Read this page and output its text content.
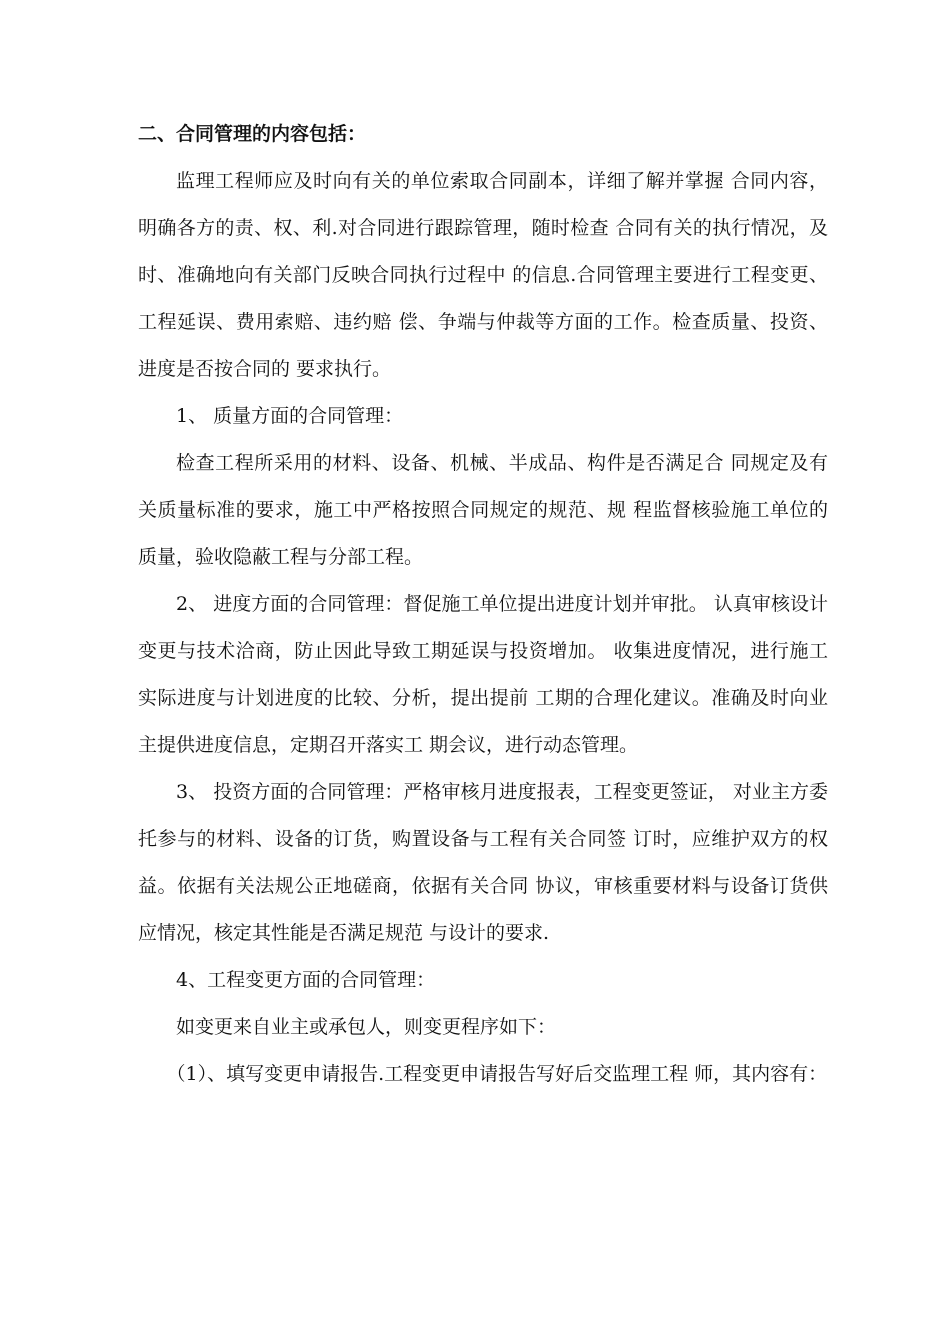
二、合同管理的内容包括：

监理工程师应及时向有关的单位索取合同副本，详细了解并掌握 合同内容，明确各方的责、权、利.对合同进行跟踪管理，随时检查 合同有关的执行情况，及时、准确地向有关部门反映合同执行过程中 的信息.合同管理主要进行工程变更、工程延误、费用索赔、违约赔 偿、争端与仲裁等方面的工作。检查质量、投资、进度是否按合同的 要求执行。

1、 质量方面的合同管理：

检查工程所采用的材料、设备、机械、半成品、构件是否满足合 同规定及有关质量标准的要求，施工中严格按照合同规定的规范、规 程监督核验施工单位的质量，验收隐蔽工程与分部工程。

2、 进度方面的合同管理：督促施工单位提出进度计划并审批。 认真审核设计变更与技术洽商，防止因此导致工期延误与投资增加。 收集进度情况，进行施工实际进度与计划进度的比较、分析，提出提前 工期的合理化建议。准确及时向业主提供进度信息，定期召开落实工 期会议，进行动态管理。

3、 投资方面的合同管理：严格审核月进度报表，工程变更签证， 对业主方委托参与的材料、设备的订货，购置设备与工程有关合同签 订时，应维护双方的权益。依据有关法规公正地磋商，依据有关合同 协议，审核重要材料与设备订货供应情况，核定其性能是否满足规范 与设计的要求.

4、工程变更方面的合同管理：

如变更来自业主或承包人，则变更程序如下：

（1）、填写变更申请报告.工程变更申请报告写好后交监理工程 师，其内容有：
